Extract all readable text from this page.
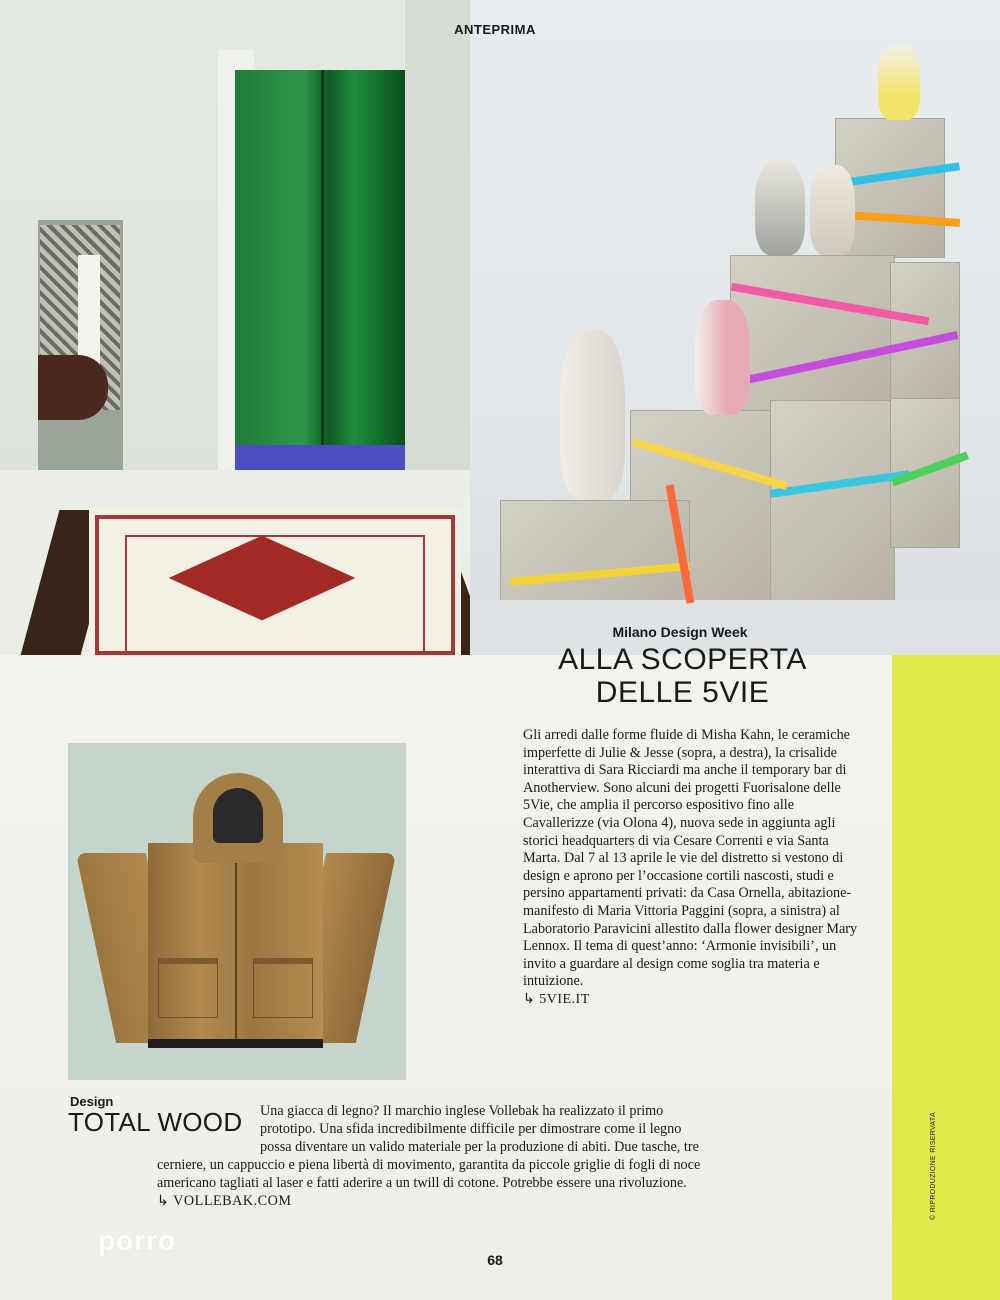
ANTEPRIMA
porro
© RIPRODUZIONE RISERVATA
Milano Design Week
ALLA SCOPERTA
DELLE 5VIE
Gli arredi dalle forme fluide di Misha Kahn, le ceramiche imperfette di Julie & Jesse (sopra, a destra), la crisalide interattiva di Sara Ricciardi ma anche il temporary bar di Anotherview. Sono alcuni dei progetti Fuorisalone delle 5Vie, che amplia il percorso espositivo fino alle Cavallerizze (via Olona 4), nuova sede in aggiunta agli storici headquarters di via Cesare Correnti e via Santa Marta. Dal 7 al 13 aprile le vie del distretto si vestono di design e aprono per l’occasione cortili nascosti, studi e persino appartamenti privati: da Casa Ornella, abitazione-manifesto di Maria Vittoria Paggini (sopra, a sinistra) al Laboratorio Paravicini allestito dalla flower designer Mary Lennox. Il tema di quest’anno: ‘Armonie invisibili’, un invito a guardare al design come soglia tra materia e intuizione.
↳ 5VIE.IT
Design
TOTAL WOOD Una giacca di legno? Il marchio inglese Vollebak ha realizzato il primo
prototipo. Una sfida incredibilmente difficile per dimostrare come il legno
possa diventare un valido materiale per la produzione di abiti. Due tasche, tre
cerniere, un cappuccio e piena libertà di movimento, garantita da piccole griglie di fogli di noce
americano tagliati al laser e fatti aderire a un twill di cotone. Potrebbe essere una rivoluzione.
↳ VOLLEBAK.COM
68
